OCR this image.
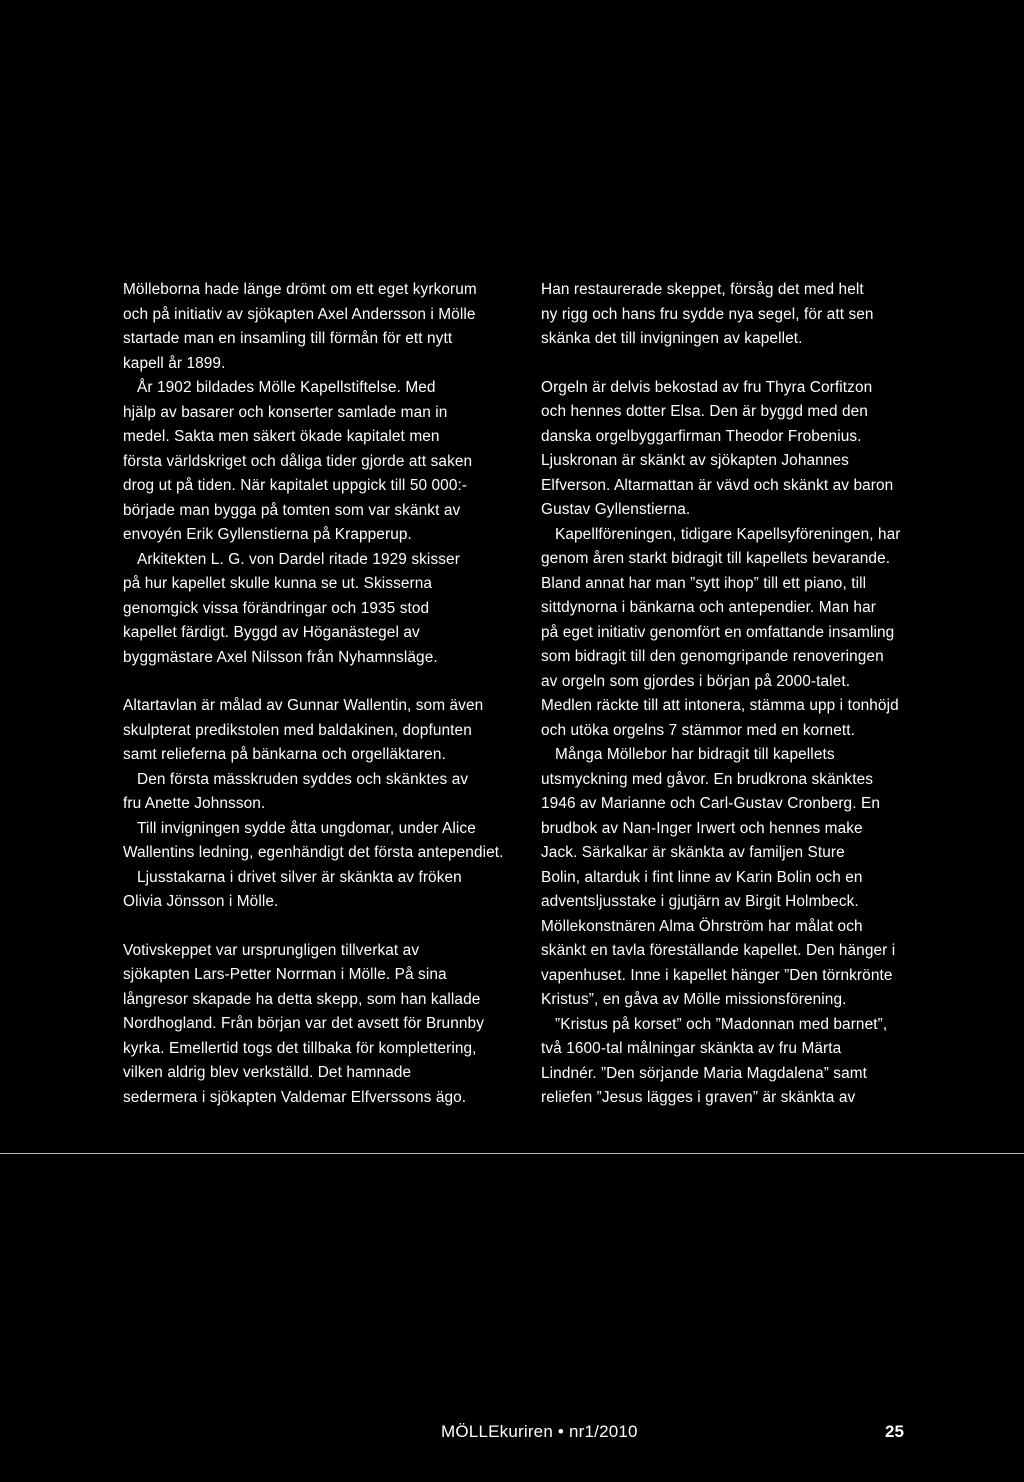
Mölleborna hade länge drömt om ett eget kyrkorum
och på initiativ av sjökapten Axel Andersson i Mölle
startade man en insamling till förmån för ett nytt
kapell år 1899.

År 1902 bildades Mölle Kapellstiftelse. Med
hjälp av basarer och konserter samlade man in
medel. Sakta men säkert ökade kapitalet men
första världskriget och dåliga tider gjorde att saken
drog ut på tiden. När kapitalet uppgick till 50 000:-
började man bygga på tomten som var skänkt av
envoyén Erik Gyllenstierna på Krapperup.

Arkitekten L. G. von Dardel ritade 1929 skisser
på hur kapellet skulle kunna se ut. Skisserna
genomgick vissa förändringar och 1935 stod
kapellet färdigt. Byggd av Höganästegel av
byggmästare Axel Nilsson från Nyhamnsläge.

Altartavlan är målad av Gunnar Wallentin, som även
skulpterat predikstolen med baldakinen, dopfunten
samt relieferna på bänkarna och orgelläktaren.

Den första mässkruden syddes och skänktes av
fru Anette Johnsson.

Till invigningen sydde åtta ungdomar, under Alice
Wallentins ledning, egenhändigt det första antependiet.

Ljusstakarna i drivet silver är skänkta av fröken
Olivia Jönsson i Mölle.

Votivskeppet var ursprungligen tillverkat av
sjökapten Lars-Petter Norrman i Mölle. På sina
långresor skapade ha detta skepp, som han kallade
Nordhogland. Från början var det avsett för Brunnby
kyrka. Emellertid togs det tillbaka för komplettering,
vilken aldrig blev verkställd. Det hamnade
sedermera i sjökapten Valdemar Elfverssons ägo.

Han restaurerade skeppet, försåg det med helt
ny rigg och hans fru sydde nya segel, för att sen
skänka det till invigningen av kapellet.

Orgeln är delvis bekostad av fru Thyra Corfitzon
och hennes dotter Elsa. Den är byggd med den
danska orgelbyggarfirman Theodor Frobenius.
Ljuskronan är skänkt av sjökapten Johannes
Elfverson. Altarmattan är vävd och skänkt av baron
Gustav Gyllenstierna.

Kapellföreningen, tidigare Kapellsyföreningen, har
genom åren starkt bidragit till kapellets bevarande.
Bland annat har man ”sytt ihop” till ett piano, till
sittdynorna i bänkarna och antependier. Man har
på eget initiativ genomfört en omfattande insamling
som bidragit till den genomgripande renoveringen
av orgeln som gjordes i början på 2000-talet.
Medlen räckte till att intonera, stämma upp i tonhöjd
och utöka orgelns 7 stämmor med en kornett.

Många Möllebor har bidragit till kapellets
utsmyckning med gåvor. En brudkrona skänktes
1946 av Marianne och Carl-Gustav Cronberg. En
brudbok av Nan-Inger Irwert och hennes make
Jack. Särkalkar är skänkta av familjen Sture
Bolin, altarduk i fint linne av Karin Bolin och en
adventsljusstake i gjutjärn av Birgit Holmbeck.
Möllekonstnären Alma Öhrström har målat och
skänkt en tavla föreställande kapellet. Den hänger i
vapenhuset. Inne i kapellet hänger ”Den törnkrönte
Kristus”, en gåva av Mölle missionsförening.

”Kristus på korset” och ”Madonnan med barnet”,
två 1600-tal målningar skänkta av fru Märta
Lindnér. ”Den sörjande Maria Magdalena” samt
reliefen ”Jesus lägges i graven” är skänkta av

MÖLLEkuriren • nr1/2010	25
